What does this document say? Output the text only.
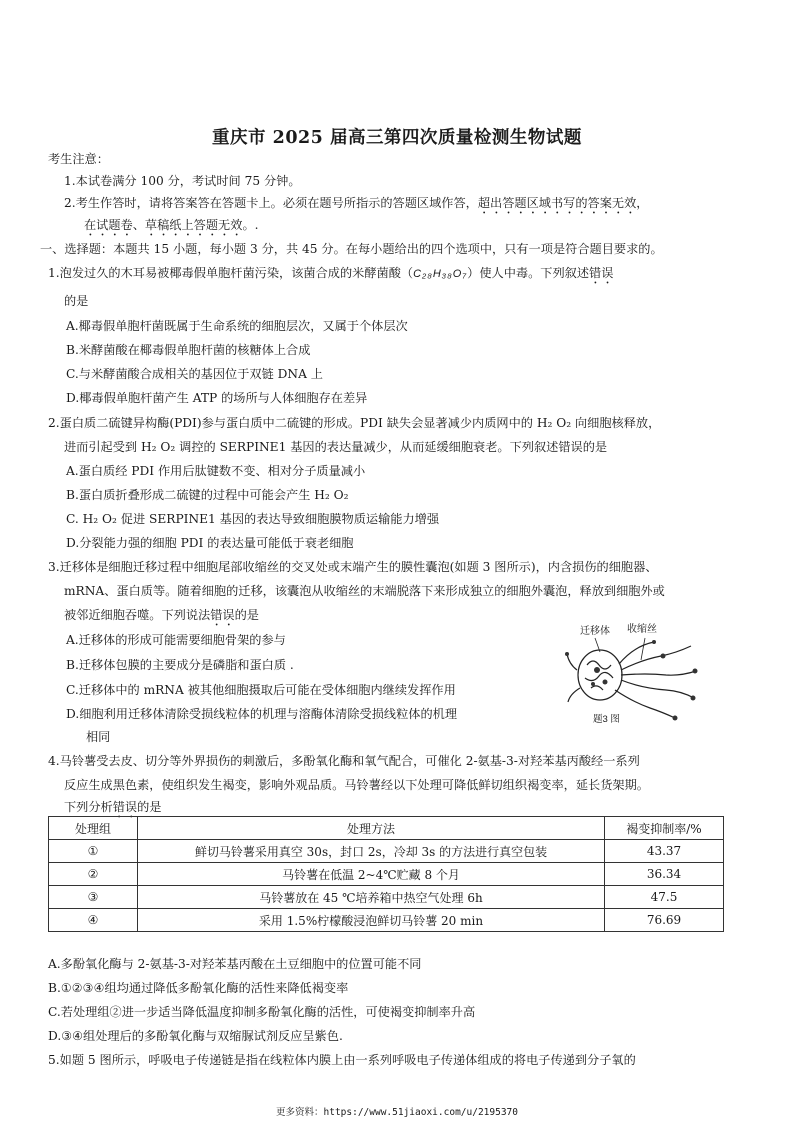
重庆市 2025 届高三第四次质量检测生物试题
考生注意：
1.本试卷满分 100 分，考试时间 75 分钟。
2.考生作答时，请将答案答在答题卡上。必须在题号所指示的答题区域作答，超出答题区域书写的答案无效，
在试题卷、草稿纸上答题无效。.
一、选择题：本题共 15 小题，每小题 3 分，共 45 分。在每小题给出的四个选项中，只有一项是符合题目要求的。
1.泡发过久的木耳易被椰毒假单胞杆菌污染，该菌合成的米酵菌酸（C₂₈H₃₈O₇）使人中毒。下列叙述错误
的是
A.椰毒假单胞杆菌既属于生命系统的细胞层次，又属于个体层次
B.米酵菌酸在椰毒假单胞杆菌的核糖体上合成
C.与米酵菌酸合成相关的基因位于双链 DNA 上
D.椰毒假单胞杆菌产生 ATP 的场所与人体细胞存在差异
2.蛋白质二硫键异构酶(PDI)参与蛋白质中二硫键的形成。PDI 缺失会显著减少内质网中的 H₂ O₂ 向细胞核释放，
进而引起受到 H₂ O₂ 调控的 SERPINE1 基因的表达量减少，从而延缓细胞衰老。下列叙述错误的是
A.蛋白质经 PDI 作用后肽键数不变、相对分子质量减小
B.蛋白质折叠形成二硫键的过程中可能会产生 H₂ O₂
C. H₂ O₂ 促进 SERPINE1 基因的表达导致细胞膜物质运输能力增强
D.分裂能力强的细胞 PDI 的表达量可能低于衰老细胞
3.迁移体是细胞迁移过程中细胞尾部收缩丝的交叉处或末端产生的膜性囊泡(如题 3 图所示)，内含损伤的细胞器、
mRNA、蛋白质等。随着细胞的迁移，该囊泡从收缩丝的末端脱落下来形成独立的细胞外囊泡，释放到细胞外或
被邻近细胞吞噬。下列说法错误的是
A.迁移体的形成可能需要细胞骨架的参与
B.迁移体包膜的主要成分是磷脂和蛋白质 .
C.迁移体中的 mRNA 被其他细胞摄取后可能在受体细胞内继续发挥作用
D.细胞利用迁移体清除受损线粒体的机理与溶酶体清除受损线粒体的机理
相同
迁移体 收缩丝
题3 图
4.马铃薯受去皮、切分等外界损伤的刺激后，多酚氧化酶和氧气配合，可催化 2-氨基-3-对羟苯基丙酸经一系列
反应生成黑色素，使组织发生褐变，影响外观品质。马铃薯经以下处理可降低鲜切组织褐变率，延长货架期。
下列分析错误的是
处理组	处理方法	褐变抑制率/%
①	鲜切马铃薯采用真空 30s，封口 2s，冷却 3s 的方法进行真空包装	43.37
②	马铃薯在低温 2~4℃贮藏 8 个月	36.34
③	马铃薯放在 45 ℃培养箱中热空气处理 6h	47.5
④	采用 1.5%柠檬酸浸泡鲜切马铃薯 20 min	76.69
A.多酚氧化酶与 2-氨基-3-对羟苯基丙酸在土豆细胞中的位置可能不同
B.①②③④组均通过降低多酚氧化酶的活性来降低褐变率
C.若处理组②进一步适当降低温度抑制多酚氧化酶的活性，可使褐变抑制率升高
D.③④组处理后的多酚氧化酶与双缩脲试剂反应呈紫色.
5.如题 5 图所示，呼吸电子传递链是指在线粒体内膜上由一系列呼吸电子传递体组成的将电子传递到分子氧的
更多资料：https://www.51jiaoxi.com/u/2195370
